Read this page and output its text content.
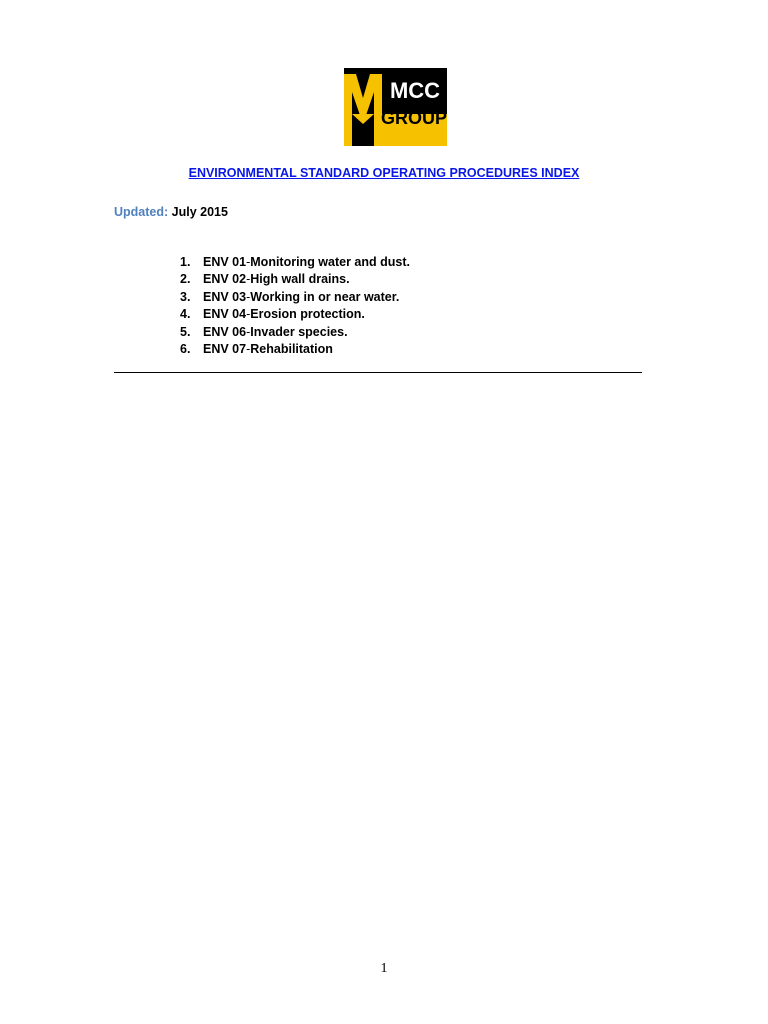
MCC
GROUP
ENVIRONMENTAL STANDARD OPERATING PROCEDURES INDEX
Updated: July 2015
1.	ENV 01 - Monitoring water and dust.
2.	ENV 02 - High wall drains.
3.	ENV 03 - Working in or near water.
4.	ENV 04 - Erosion protection.
5.	ENV 06 - Invader species.
6.	ENV 07 - Rehabilitation
1
